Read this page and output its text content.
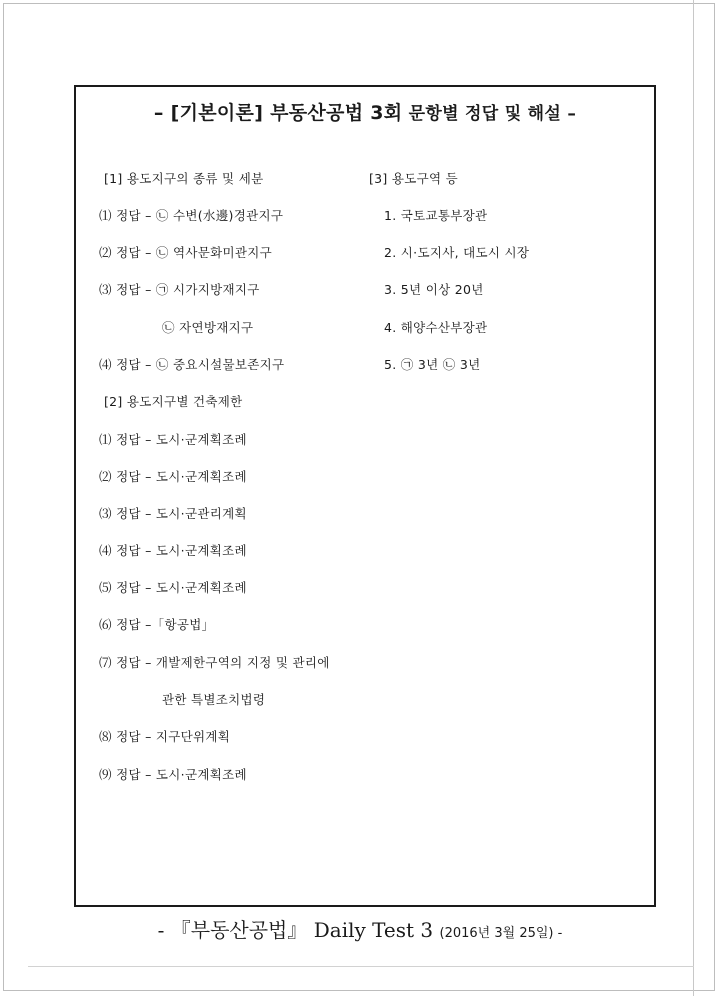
– [기본이론] 부동산공법 3회 문항별 정답 및 해설 –
[1] 용도지구의 종류 및 세분
⑴ 정답 – ㉡ 수변(水邊)경관지구
⑵ 정답 – ㉡ 역사문화미관지구
⑶ 정답 – ㉠ 시가지방재지구
㉡ 자연방재지구
⑷ 정답 – ㉡ 중요시설물보존지구
[2] 용도지구별 건축제한
⑴ 정답 – 도시·군계획조례
⑵ 정답 – 도시·군계획조례
⑶ 정답 – 도시·군관리계획
⑷ 정답 – 도시·군계획조례
⑸ 정답 – 도시·군계획조례
⑹ 정답 –「항공법」
⑺ 정답 – 개발제한구역의 지정 및 관리에
관한 특별조치법령
⑻ 정답 – 지구단위계획
⑼ 정답 – 도시·군계획조례
[3] 용도구역 등
1. 국토교통부장관
2. 시·도지사, 대도시 시장
3. 5년 이상 20년
4. 해양수산부장관
5. ㉠ 3년 ㉡ 3년
- 『부동산공법』 Daily Test 3 (2016년 3월 25일) -
